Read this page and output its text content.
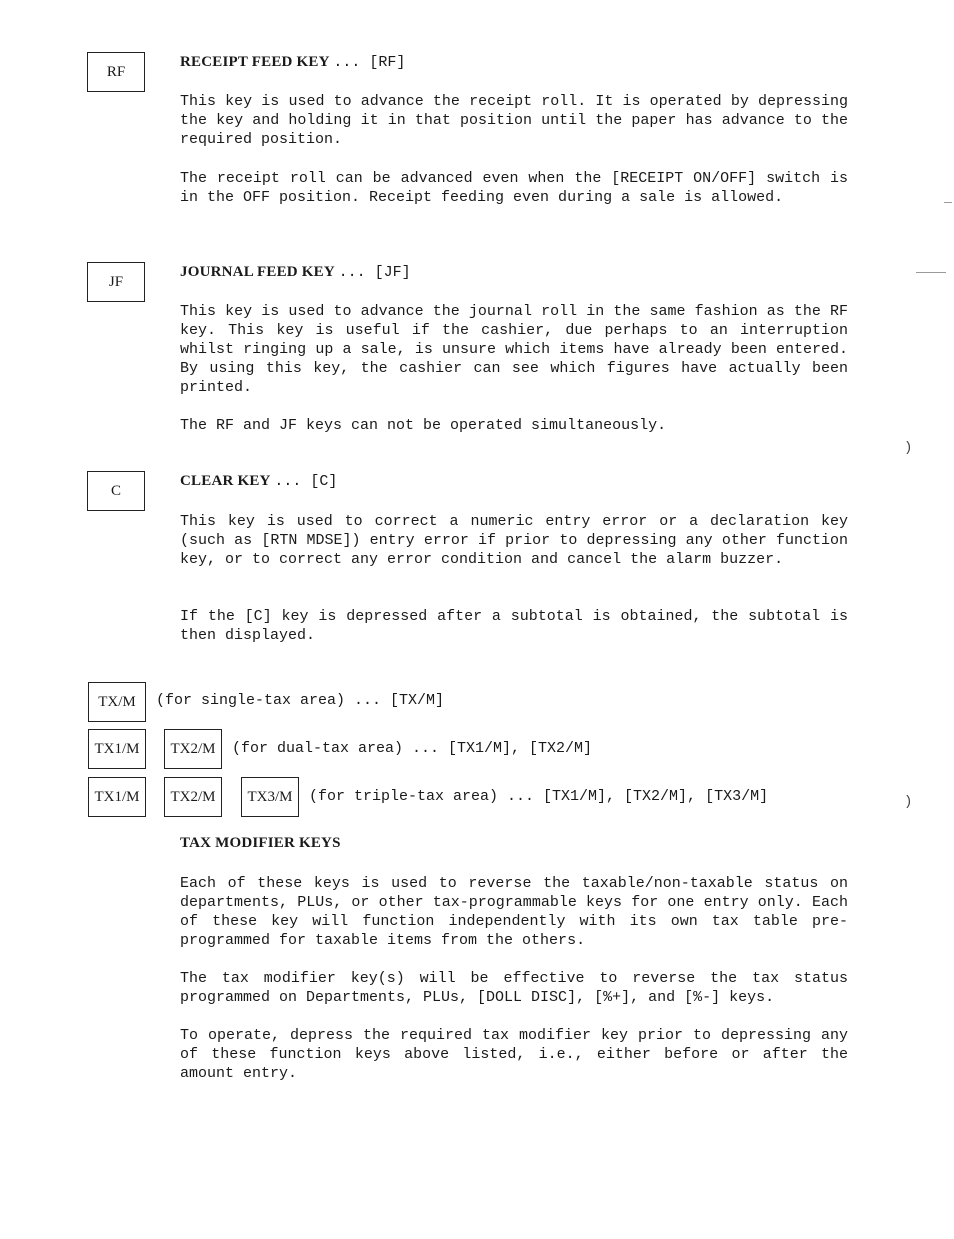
RF
RECEIPT FEED KEY ... [RF]

This key is used to advance the receipt roll. It is operated by depressing the key and holding it in that position until the paper has advance to the required position.

The receipt roll can be advanced even when the [RECEIPT ON/OFF] switch is in the OFF position. Receipt feeding even during a sale is allowed.

JF
JOURNAL FEED KEY ... [JF]

This key is used to advance the journal roll in the same fashion as the RF key. This key is useful if the cashier, due perhaps to an interruption whilst ringing up a sale, is unsure which items have already been entered. By using this key, the cashier can see which figures have actually been printed.

The RF and JF keys can not be operated simultaneously.

C
CLEAR KEY ... [C]

This key is used to correct a numeric entry error or a declaration key (such as [RTN MDSE]) entry error if prior to depressing any other function key, or to correct any error condition and cancel the alarm buzzer.

If the [C] key is depressed after a subtotal is obtained, the subtotal is then displayed.

TX/M (for single-tax area) ... [TX/M]
TX1/M TX2/M (for dual-tax area) ... [TX1/M], [TX2/M]
TX1/M TX2/M TX3/M (for triple-tax area) ... [TX1/M], [TX2/M], [TX3/M]
TAX MODIFIER KEYS

Each of these keys is used to reverse the taxable/non-taxable status on departments, PLUs, or other tax-programmable keys for one entry only. Each of these key will function independently with its own tax table pre-programmed for taxable items from the others.

The tax modifier key(s) will be effective to reverse the tax status programmed on Departments, PLUs, [DOLL DISC], [%+], and [%-] keys.

To operate, depress the required tax modifier key prior to depressing any of these function keys above listed, i.e., either before or after the amount entry.

)
)
